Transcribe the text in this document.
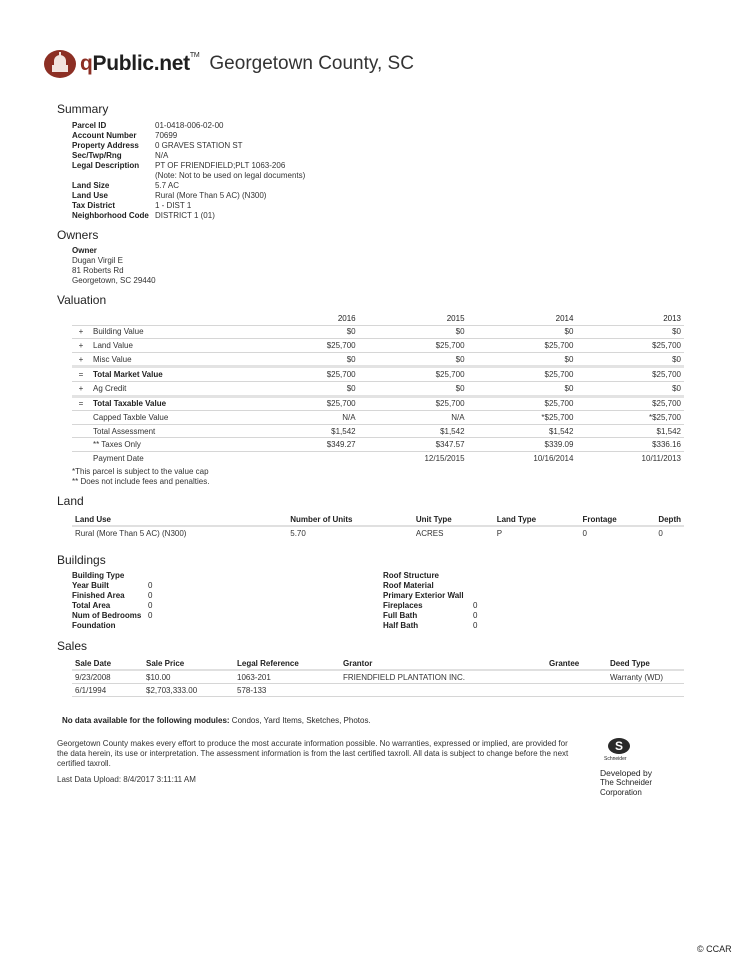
qPublic.net™ Georgetown County, SC
Summary
Parcel ID	01-0418-006-02-00
Account Number	70699
Property Address	0 GRAVES STATION ST
Sec/Twp/Rng	N/A
Legal Description	PT OF FRIENDFIELD;PLT 1063-206
(Note: Not to be used on legal documents)
Land Size	5.7 AC
Land Use	Rural (More Than 5 AC) (N300)
Tax District	1 - DIST 1
Neighborhood Code DISTRICT 1 (01)
Owners
Owner
Dugan Virgil E
81 Roberts Rd
Georgetown, SC 29440
Valuation
		2016	2015	2014	2013
+	Building Value	$0	$0	$0	$0
+	Land Value	$25,700	$25,700	$25,700	$25,700
+	Misc Value	$0	$0	$0	$0
=	Total Market Value	$25,700	$25,700	$25,700	$25,700
+	Ag Credit	$0	$0	$0	$0
=	Total Taxable Value	$25,700	$25,700	$25,700	$25,700
	Capped Taxble Value	N/A	N/A	*$25,700	*$25,700
	Total Assessment	$1,542	$1,542	$1,542	$1,542
	** Taxes Only	$349.27	$347.57	$339.09	$336.16
	Payment Date		12/15/2015	10/16/2014	10/11/2013
*This parcel is subject to the value cap
** Does not include fees and penalties.
Land
Land Use	Number of Units	Unit Type	Land Type	Frontage	Depth
Rural (More Than 5 AC) (N300)	5.70	ACRES	P	0	0
Buildings
Building Type
Year Built	0
Finished Area	0
Total Area	0
Num of Bedrooms 0
Foundation
Roof Structure
Roof Material
Primary Exterior Wall
Fireplaces	0
Full Bath	0
Half Bath	0
Sales
Sale Date	Sale Price	Legal Reference	Grantor	Grantee	Deed Type
9/23/2008	$10.00	1063-201	FRIENDFIELD PLANTATION INC.		Warranty (WD)
6/1/1994	$2,703,333.00	578-133			
No data available for the following modules: Condos, Yard Items, Sketches, Photos.
Georgetown County makes every effort to produce the most accurate information possible. No warranties, expressed or implied, are provided for the data herein, its use or interpretation. The assessment information is from the last certified taxroll. All data is subject to change before the next certified taxroll.
Last Data Upload: 8/4/2017 3:11:11 AM
S
Schneider
Developed by
The Schneider
Corporation
© CCAR
